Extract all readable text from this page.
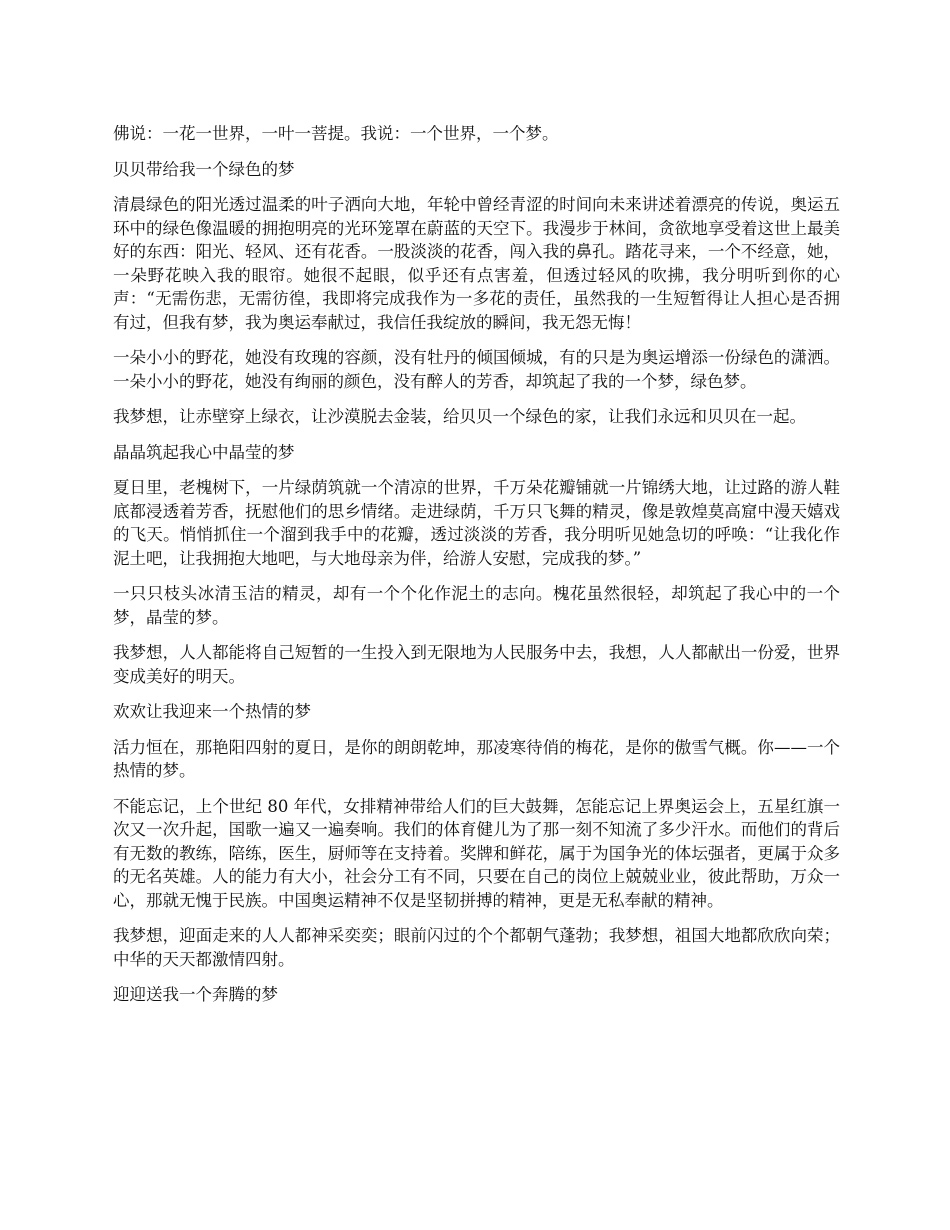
佛说：一花一世界，一叶一菩提。我说：一个世界，一个梦。

贝贝带给我一个绿色的梦

清晨绿色的阳光透过温柔的叶子洒向大地，年轮中曾经青涩的时间向未来讲述着漂亮的传说，奥运五环中的绿色像温暖的拥抱明亮的光环笼罩在蔚蓝的天空下。我漫步于林间，贪欲地享受着这世上最美好的东西：阳光、轻风、还有花香。一股淡淡的花香，闯入我的鼻孔。踏花寻来，一个不经意，她，一朵野花映入我的眼帘。她很不起眼，似乎还有点害羞，但透过轻风的吹拂，我分明听到你的心声：“无需伤悲，无需彷徨，我即将完成我作为一多花的责任，虽然我的一生短暂得让人担心是否拥有过，但我有梦，我为奥运奉献过，我信任我绽放的瞬间，我无怨无悔！

一朵小小的野花，她没有玫瑰的容颜，没有牡丹的倾国倾城，有的只是为奥运增添一份绿色的潇洒。一朵小小的野花，她没有绚丽的颜色，没有醉人的芳香，却筑起了我的一个梦，绿色梦。

我梦想，让赤壁穿上绿衣，让沙漠脱去金装，给贝贝一个绿色的家，让我们永远和贝贝在一起。

晶晶筑起我心中晶莹的梦

夏日里，老槐树下，一片绿荫筑就一个清凉的世界，千万朵花瓣铺就一片锦绣大地，让过路的游人鞋底都浸透着芳香，抚慰他们的思乡情绪。走进绿荫，千万只飞舞的精灵，像是敦煌莫高窟中漫天嬉戏的飞天。悄悄抓住一个溜到我手中的花瓣，透过淡淡的芳香，我分明听见她急切的呼唤：“让我化作泥土吧，让我拥抱大地吧，与大地母亲为伴，给游人安慰，完成我的梦。”

一只只枝头冰清玉洁的精灵，却有一个个化作泥土的志向。槐花虽然很轻，却筑起了我心中的一个梦，晶莹的梦。

我梦想，人人都能将自己短暂的一生投入到无限地为人民服务中去，我想，人人都献出一份爱，世界变成美好的明天。

欢欢让我迎来一个热情的梦

活力恒在，那艳阳四射的夏日，是你的朗朗乾坤，那凌寒待俏的梅花，是你的傲雪气概。你——一个热情的梦。

不能忘记，上个世纪 80 年代，女排精神带给人们的巨大鼓舞，怎能忘记上界奥运会上，五星红旗一次又一次升起，国歌一遍又一遍奏响。我们的体育健儿为了那一刻不知流了多少汗水。而他们的背后有无数的教练，陪练，医生，厨师等在支持着。奖牌和鲜花，属于为国争光的体坛强者，更属于众多的无名英雄。人的能力有大小，社会分工有不同，只要在自己的岗位上兢兢业业，彼此帮助，万众一心，那就无愧于民族。中国奥运精神不仅是坚韧拼搏的精神，更是无私奉献的精神。

我梦想，迎面走来的人人都神采奕奕；眼前闪过的个个都朝气蓬勃；我梦想，祖国大地都欣欣向荣；中华的天天都激情四射。

迎迎送我一个奔腾的梦
